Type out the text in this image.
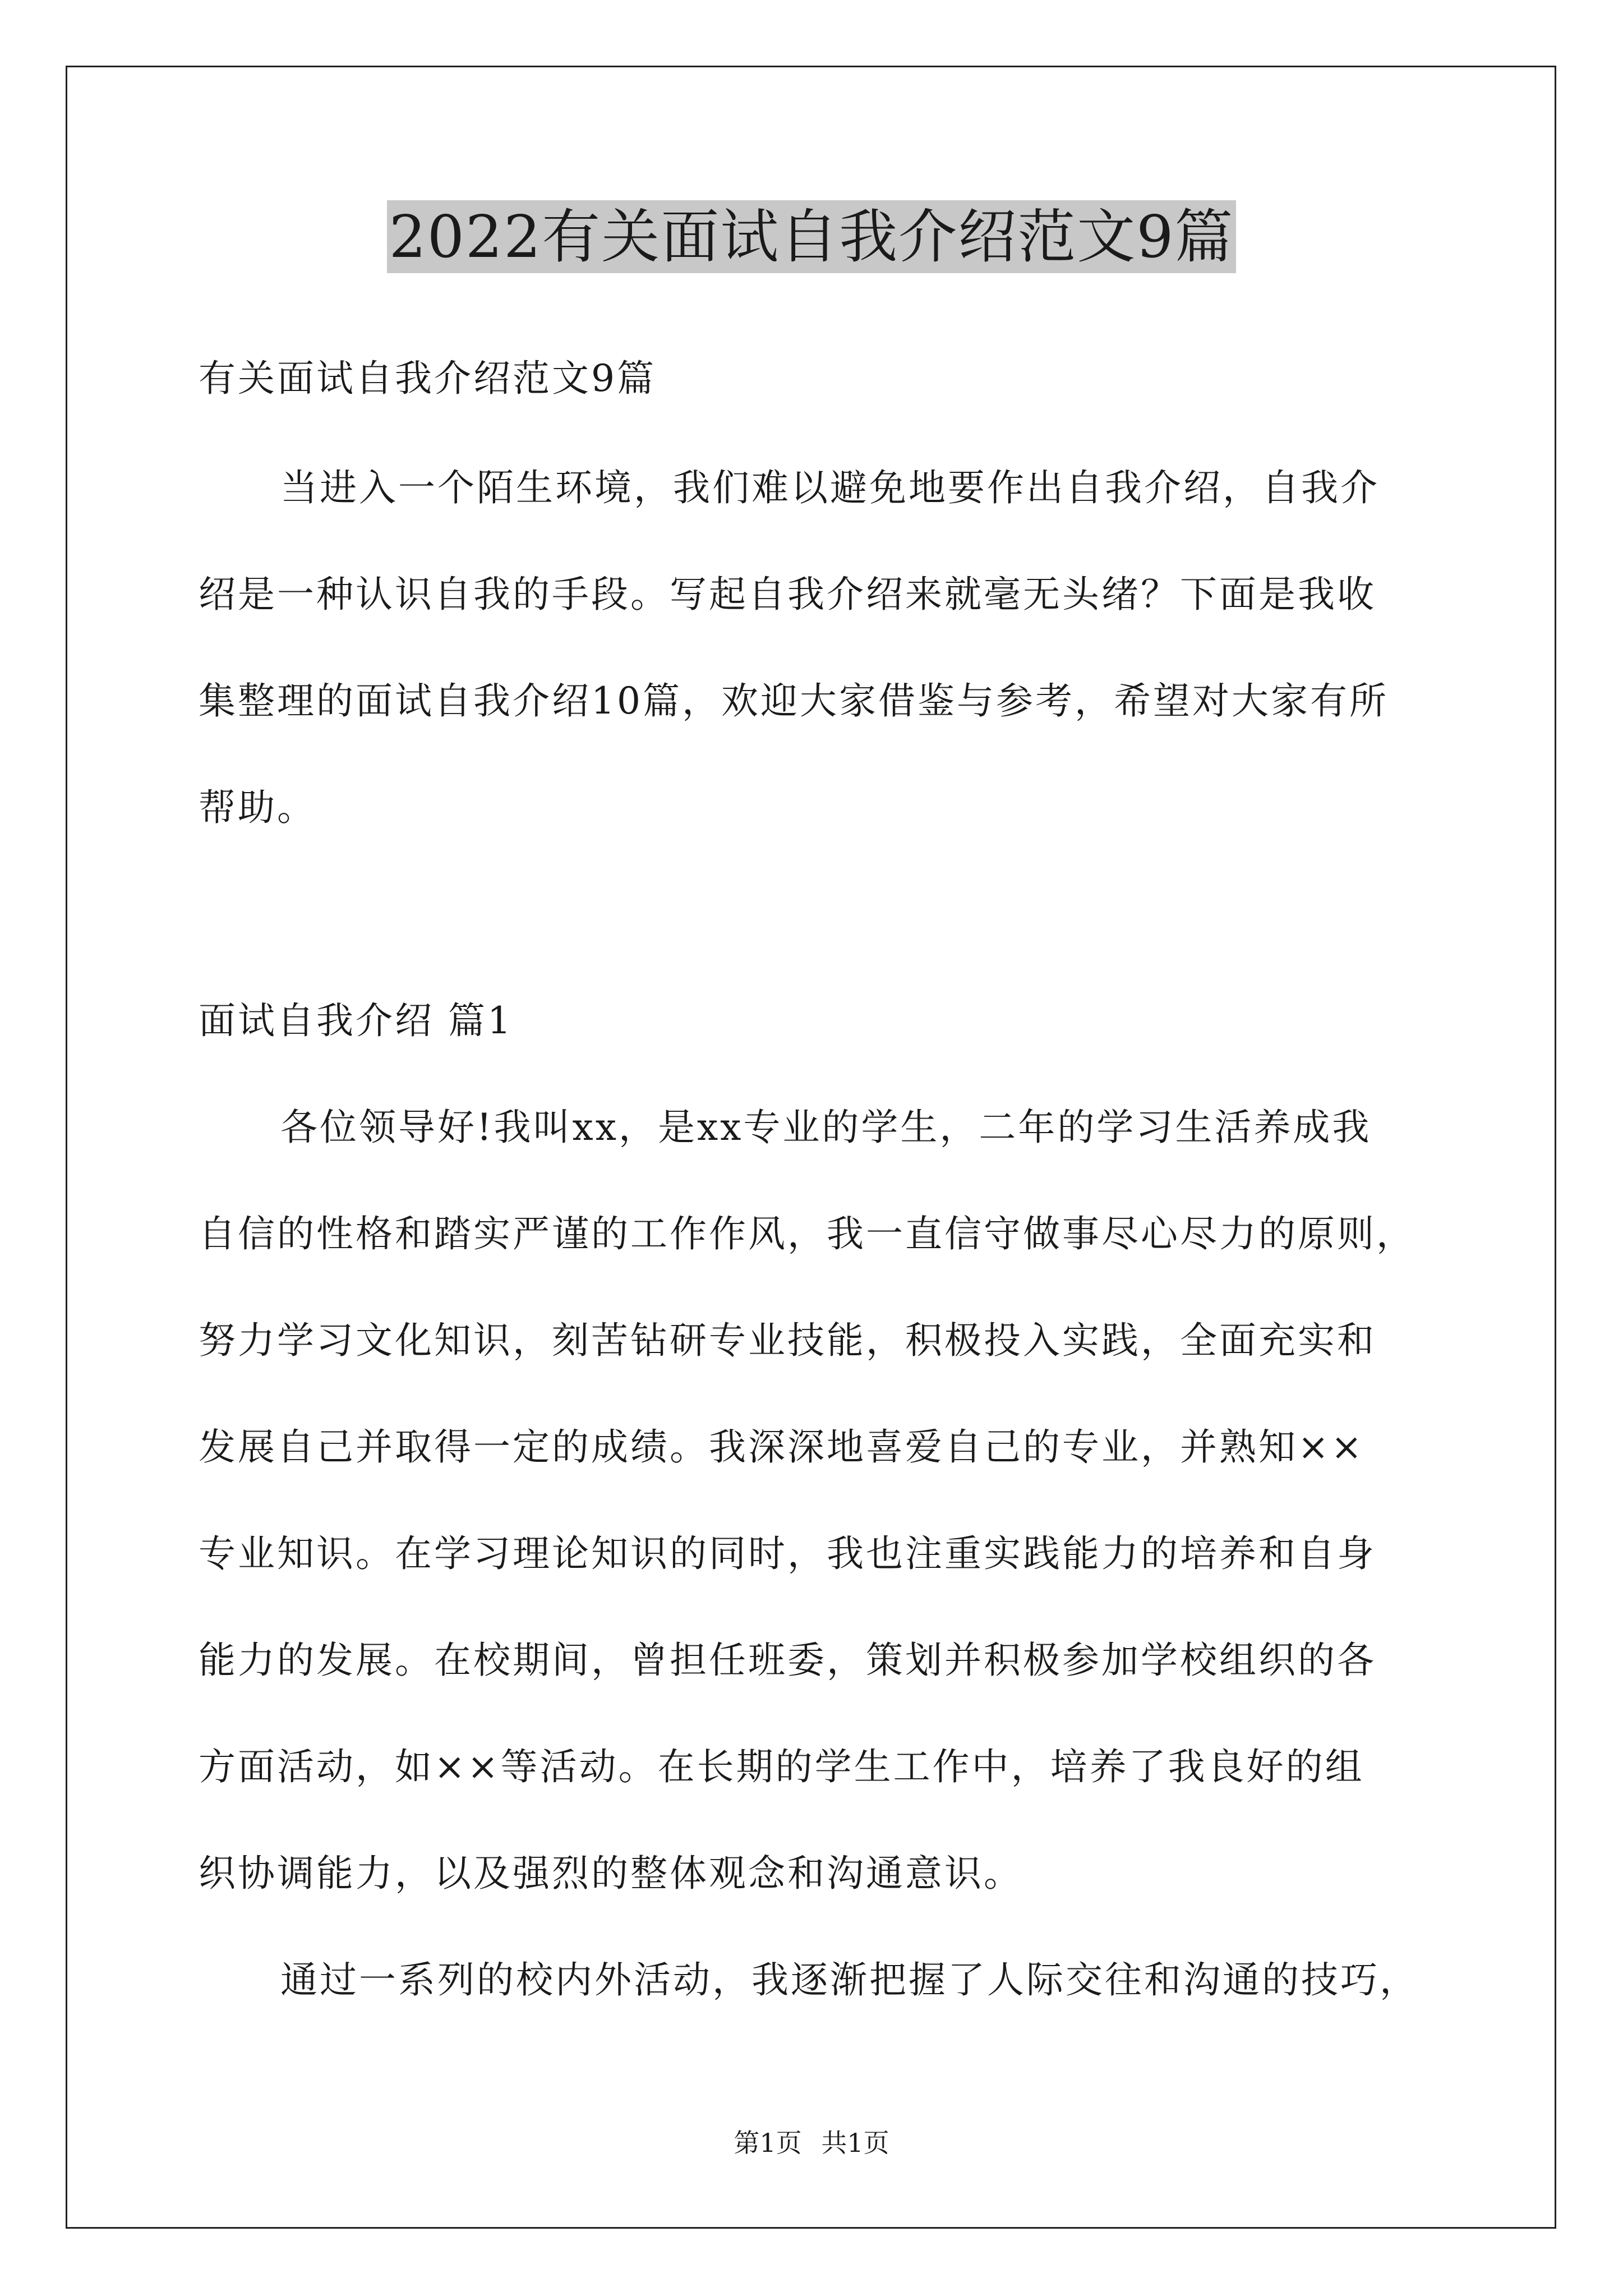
2022有关面试自我介绍范文9篇
有关面试自我介绍范文9篇
当进入一个陌生环境，我们难以避免地要作出自我介绍，自我介
绍是一种认识自我的手段。写起自我介绍来就毫无头绪？下面是我收
集整理的面试自我介绍10篇，欢迎大家借鉴与参考，希望对大家有所
帮助。
面试自我介绍 篇1
各位领导好!我叫xx，是xx专业的学生，二年的学习生活养成我
自信的性格和踏实严谨的工作作风，我一直信守做事尽心尽力的原则，
努力学习文化知识，刻苦钻研专业技能，积极投入实践，全面充实和
发展自己并取得一定的成绩。我深深地喜爱自己的专业，并熟知××
专业知识。在学习理论知识的同时，我也注重实践能力的培养和自身
能力的发展。在校期间，曾担任班委，策划并积极参加学校组织的各
方面活动，如××等活动。在长期的学生工作中，培养了我良好的组
织协调能力，以及强烈的整体观念和沟通意识。
通过一系列的校内外活动，我逐渐把握了人际交往和沟通的技巧，
第1页 共1页
